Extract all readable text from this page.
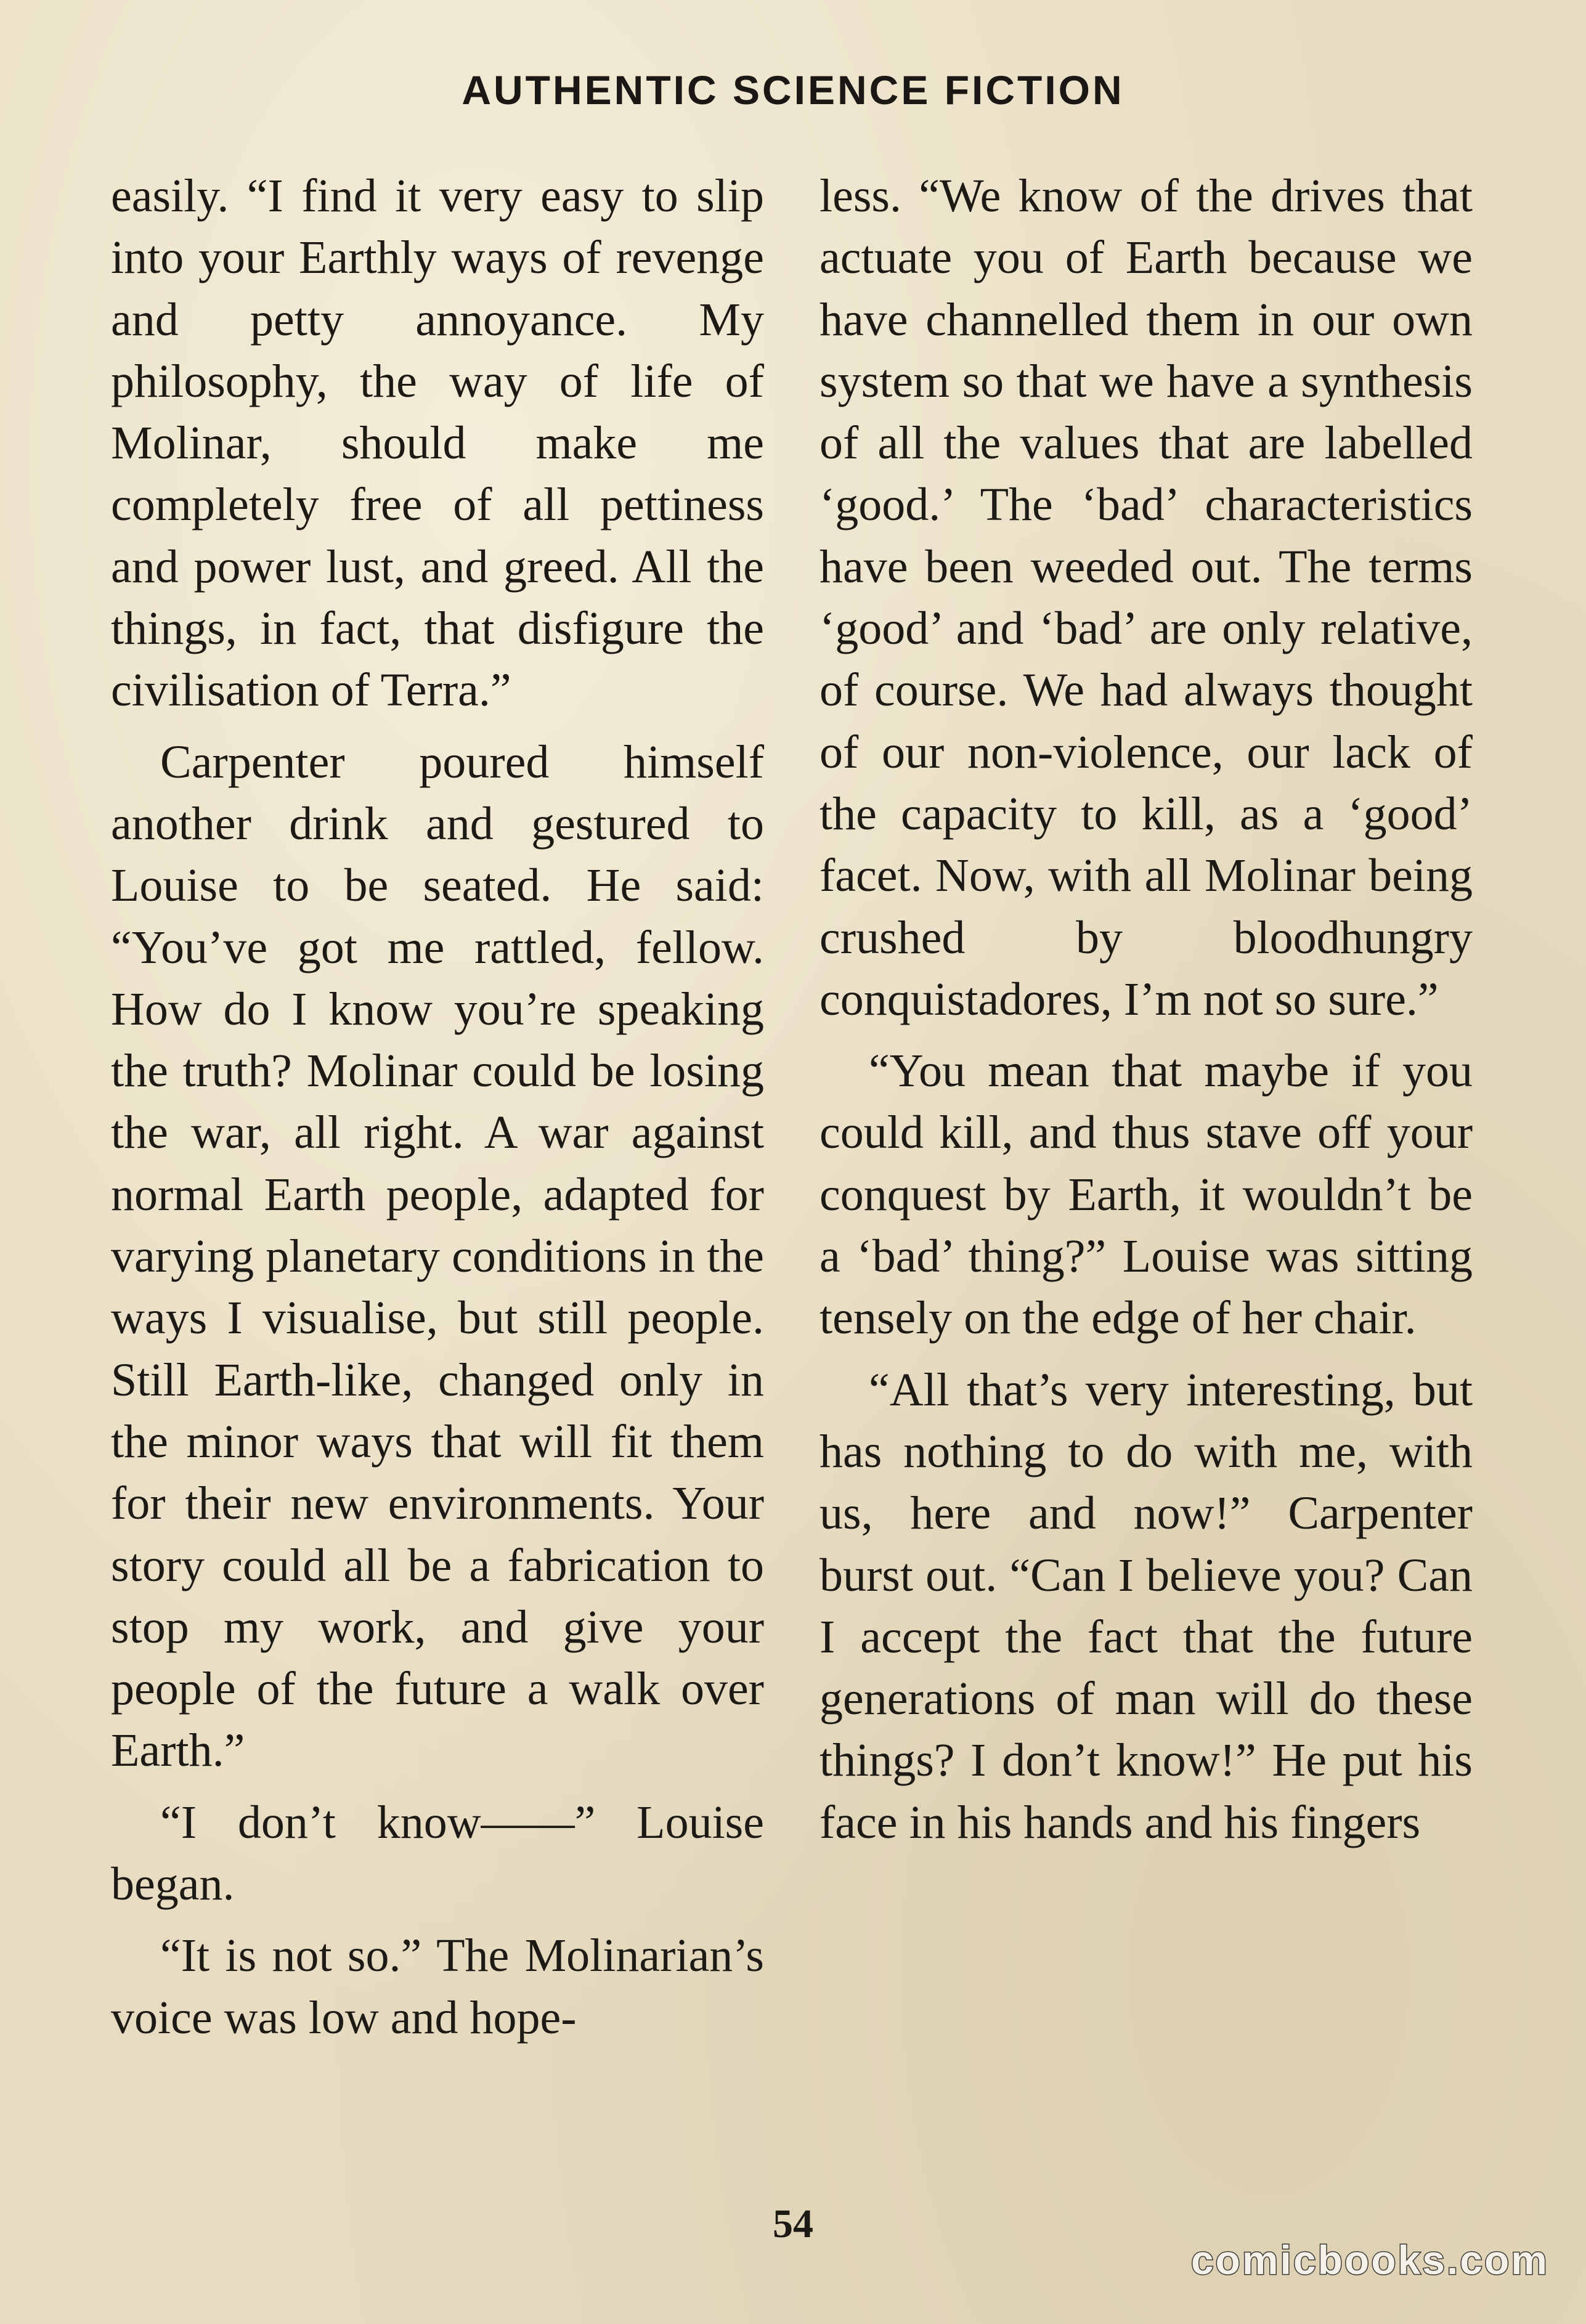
AUTHENTIC SCIENCE FICTION

easily. “I find it very easy to slip into your Earthly ways of revenge and petty annoyance. My philosophy, the way of life of Molinar, should make me completely free of all pettiness and power lust, and greed. All the things, in fact, that disfigure the civilisation of Terra.”

Carpenter poured himself another drink and gestured to Louise to be seated. He said: “You’ve got me rattled, fellow. How do I know you’re speaking the truth? Molinar could be losing the war, all right. A war against normal Earth people, adapted for varying planetary conditions in the ways I visualise, but still people. Still Earth-like, changed only in the minor ways that will fit them for their new environments. Your story could all be a fabrication to stop my work, and give your people of the future a walk over Earth.”

“I don’t know——” Louise began.

“It is not so.” The Molinarian’s voice was low and hope-

less. “We know of the drives that actuate you of Earth because we have channelled them in our own system so that we have a synthesis of all the values that are labelled ‘good.’ The ‘bad’ characteristics have been weeded out. The terms ‘good’ and ‘bad’ are only relative, of course. We had always thought of our non-violence, our lack of the capacity to kill, as a ‘good’ facet. Now, with all Molinar being crushed by bloodhungry conquistadores, I’m not so sure.”

“You mean that maybe if you could kill, and thus stave off your conquest by Earth, it wouldn’t be a ‘bad’ thing?” Louise was sitting tensely on the edge of her chair.

“All that’s very interesting, but has nothing to do with me, with us, here and now!” Carpenter burst out. “Can I believe you? Can I accept the fact that the future generations of man will do these things? I don’t know!” He put his face in his hands and his fingers

54
comicbooks.com
